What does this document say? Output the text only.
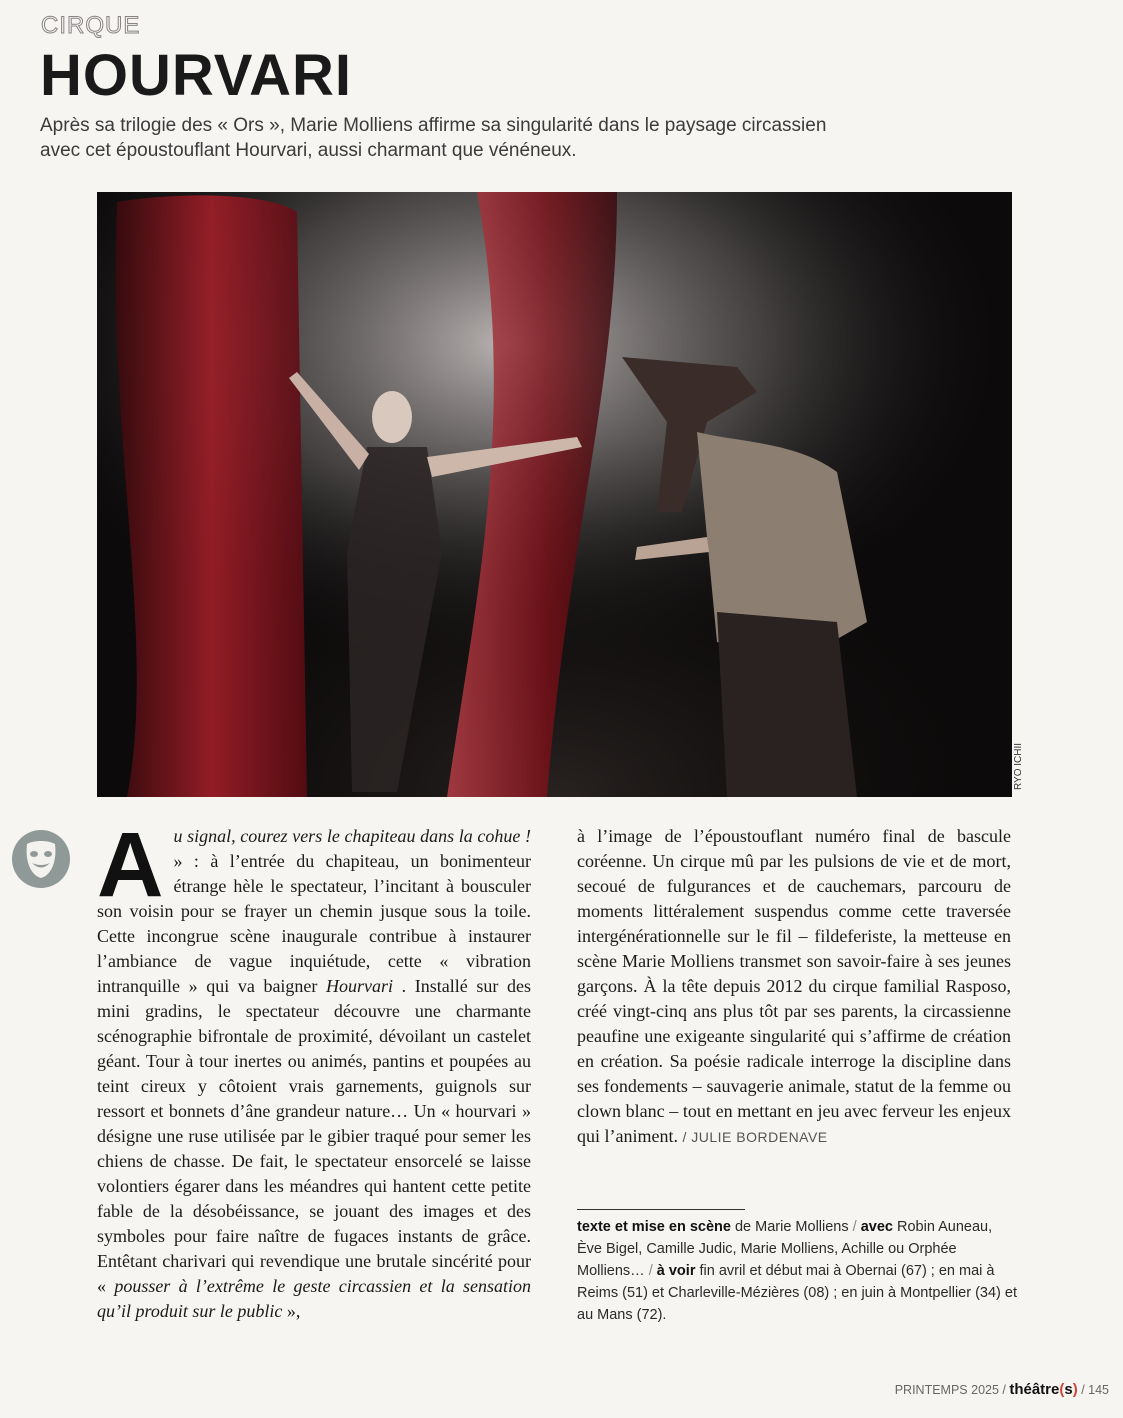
CIRQUE
HOURVARI
Après sa trilogie des « Ors », Marie Molliens affirme sa singularité dans le paysage circassien avec cet époustouflant Hourvari, aussi charmant que vénéneux.
RYO ICHII

A u signal, courez vers le chapiteau dans la cohue ! » : à l’entrée du chapiteau, un bonimenteur étrange hèle le spectateur, l’incitant à bousculer son voisin pour se frayer un chemin jusque sous la toile. Cette incongrue scène inaugurale contribue à instaurer l’ambiance de vague inquiétude, cette « vibration intranquille » qui va baigner Hourvari . Installé sur des mini gradins, le spectateur découvre une charmante scénographie bifrontale de proximité, dévoilant un castelet géant. Tour à tour inertes ou animés, pantins et poupées au teint cireux y côtoient vrais garnements, guignols sur ressort et bonnets d’âne grandeur nature… Un « hourvari » désigne une ruse utilisée par le gibier traqué pour semer les chiens de chasse. De fait, le spectateur ensorcelé se laisse volontiers égarer dans les méandres qui hantent cette petite fable de la désobéissance, se jouant des images et des symboles pour faire naître de fugaces instants de grâce. Entêtant charivari qui revendique une brutale sincérité pour « pousser à l’extrême le geste circassien et la sensation qu’il produit sur le public »,

à l’image de l’époustouflant numéro final de bascule coréenne. Un cirque mû par les pulsions de vie et de mort, secoué de fulgurances et de cauchemars, parcouru de moments littéralement suspendus comme cette traversée intergénérationnelle sur le fil – fildeferiste, la metteuse en scène Marie Molliens transmet son savoir-faire à ses jeunes garçons. À la tête depuis 2012 du cirque familial Rasposo, créé vingt-cinq ans plus tôt par ses parents, la circassienne peaufine une exigeante singularité qui s’affirme de création en création. Sa poésie radicale interroge la discipline dans ses fondements – sauvagerie animale, statut de la femme ou clown blanc – tout en mettant en jeu avec ferveur les enjeux qui l’animent. / JULIE BORDENAVE

texte et mise en scène de Marie Molliens / avec Robin Auneau, Ève Bigel, Camille Judic, Marie Molliens, Achille ou Orphée Molliens… / à voir fin avril et début mai à Obernai (67) ; en mai à Reims (51) et Charleville-Mézières (08) ; en juin à Montpellier (34) et au Mans (72).
PRINTEMPS 2025 / théâtre(s) / 145
